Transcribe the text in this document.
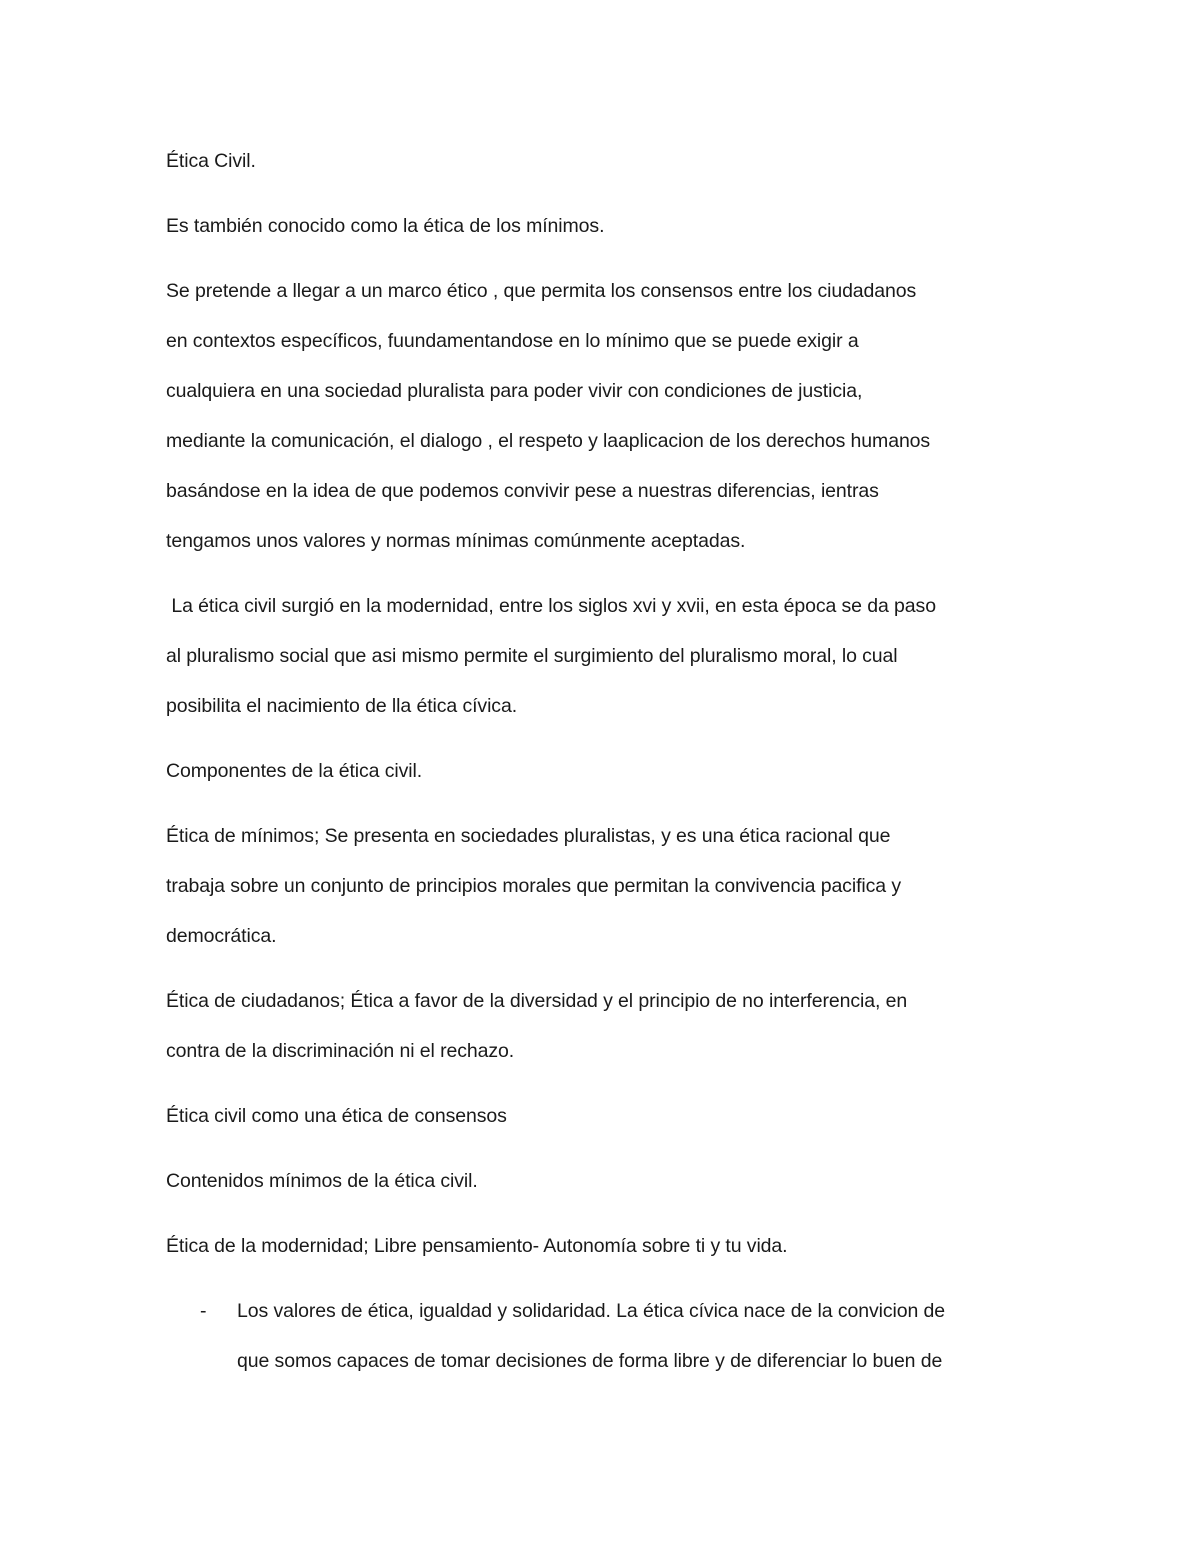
Ética Civil.

Es también conocido como la ética de los mínimos.

Se pretende a llegar a un marco ético , que permita los consensos entre los ciudadanos
en contextos específicos, fuundamentandose en lo mínimo que se puede exigir a
cualquiera en una sociedad pluralista para poder vivir con condiciones de justicia,
mediante la comunicación, el dialogo , el respeto y laaplicacion de los derechos humanos
basándose en la idea de que podemos convivir pese a nuestras diferencias, ientras
tengamos unos valores y normas mínimas comúnmente aceptadas.
La ética civil surgió en la modernidad, entre los siglos xvi y xvii, en esta época se da paso
al pluralismo social que asi mismo permite el surgimiento del pluralismo moral, lo cual
posibilita el nacimiento de lla ética cívica.

Componentes de la ética civil.

Ética de mínimos; Se presenta en sociedades pluralistas, y es una ética racional que
trabaja sobre un conjunto de principios morales que permitan la convivencia pacifica y
democrática.
Ética de ciudadanos; Ética a favor de la diversidad y el principio de no interferencia, en
contra de la discriminación ni el rechazo.

Ética civil como una ética de consensos

Contenidos mínimos de la ética civil.

Ética de la modernidad; Libre pensamiento- Autonomía sobre ti y tu vida.

- Los valores de ética, igualdad y solidaridad. La ética cívica nace de la convicion de
que somos capaces de tomar decisiones de forma libre y de diferenciar lo buen de
